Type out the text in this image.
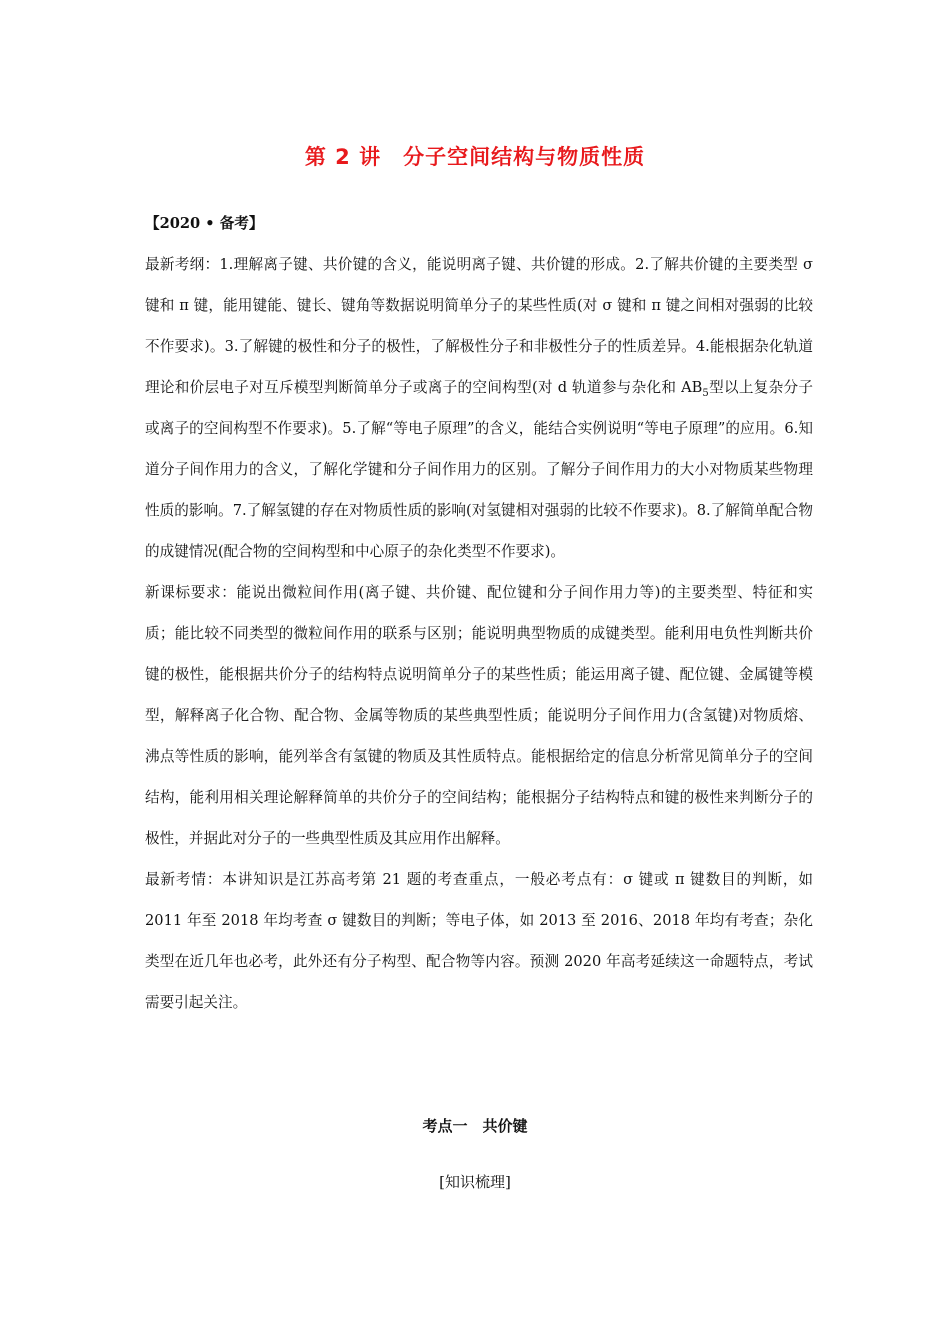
第 2 讲　分子空间结构与物质性质

【2020 • 备考】

最新考纲：1.理解离子键、共价键的含义，能说明离子键、共价键的形成。2.了解共价键的主要类型 σ 键和 π 键，能用键能、键长、键角等数据说明简单分子的某些性质(对 σ 键和 π 键之间相对强弱的比较不作要求)。3.了解键的极性和分子的极性，了解极性分子和非极性分子的性质差异。4.能根据杂化轨道理论和价层电子对互斥模型判断简单分子或离子的空间构型(对 d 轨道参与杂化和 $AB_5$型以上复杂分子或离子的空间构型不作要求)。5.了解“等电子原理”的含义，能结合实例说明“等电子原理”的应用。6.知道分子间作用力的含义，了解化学键和分子间作用力的区别。了解分子间作用力的大小对物质某些物理性质的影响。7.了解氢键的存在对物质性质的影响(对氢键相对强弱的比较不作要求)。8.了解简单配合物的成键情况(配合物的空间构型和中心原子的杂化类型不作要求)。

新课标要求：能说出微粒间作用(离子键、共价键、配位键和分子间作用力等)的主要类型、特征和实质；能比较不同类型的微粒间作用的联系与区别；能说明典型物质的成键类型。能利用电负性判断共价键的极性，能根据共价分子的结构特点说明简单分子的某些性质；能运用离子键、配位键、金属键等模型，解释离子化合物、配合物、金属等物质的某些典型性质；能说明分子间作用力(含氢键)对物质熔、沸点等性质的影响，能列举含有氢键的物质及其性质特点。能根据给定的信息分析常见简单分子的空间结构，能利用相关理论解释简单的共价分子的空间结构；能根据分子结构特点和键的极性来判断分子的极性，并据此对分子的一些典型性质及其应用作出解释。

最新考情：本讲知识是江苏高考第 21 题的考查重点，一般必考点有：σ 键或 π 键数目的判断，如 2011 年至 2018 年均考查 σ 键数目的判断；等电子体，如 2013 至 2016、2018 年均有考查；杂化类型在近几年也必考，此外还有分子构型、配合物等内容。预测 2020 年高考延续这一命题特点，考试需要引起关注。

考点一　共价键
[知识梳理]
